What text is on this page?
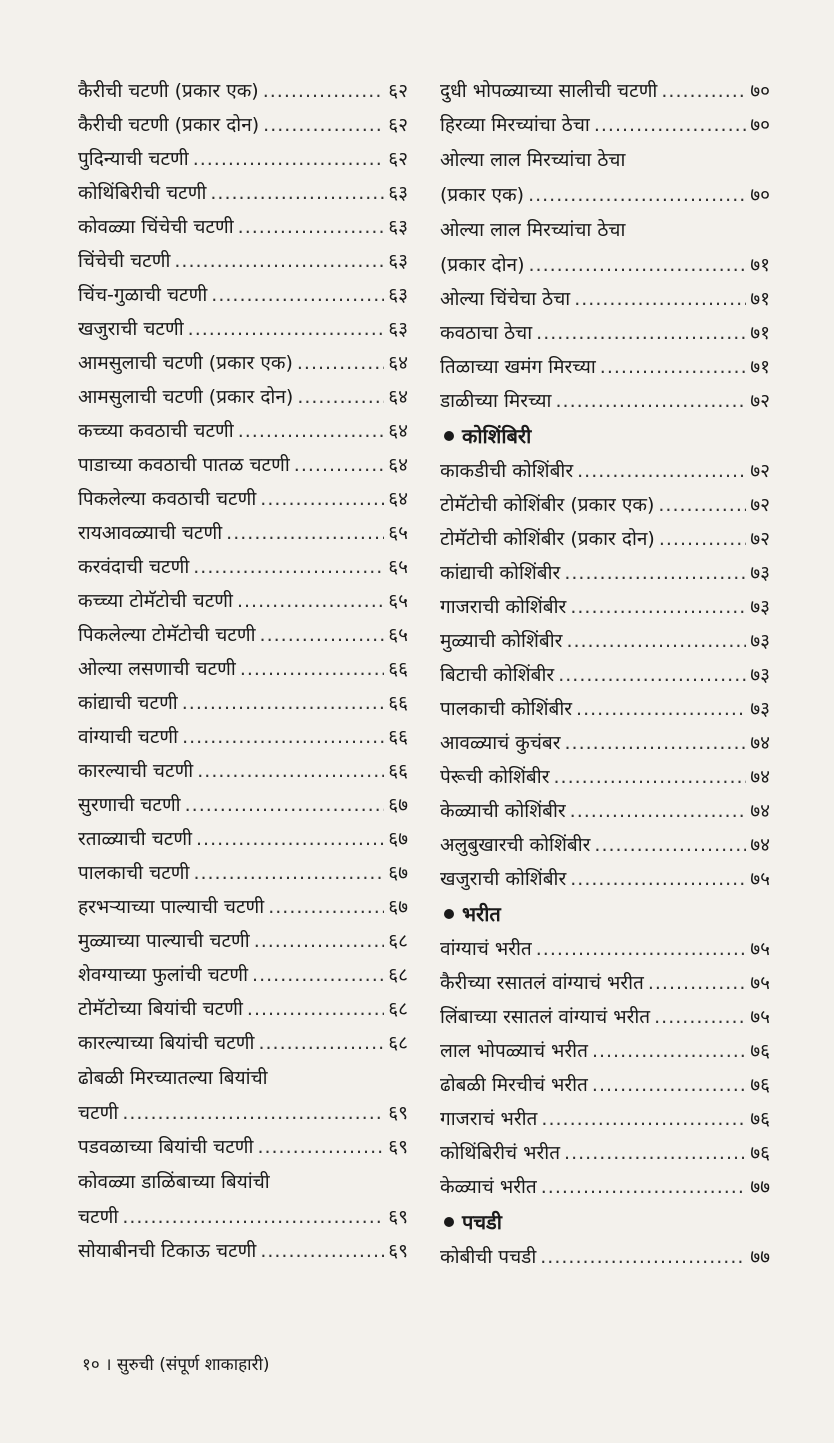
कैरीची चटणी (प्रकार एक) .....	६२
कैरीची चटणी (प्रकार दोन) .....	६२
पुदिन्याची चटणी .....	६२
कोथिंबिरीची चटणी .....	६३
कोवळ्या चिंचेची चटणी .....	६३
चिंचेची चटणी .....	६३
चिंच-गुळाची चटणी .....	६३
खजुराची चटणी .....	६३
आमसुलाची चटणी (प्रकार एक) .....	६४
आमसुलाची चटणी (प्रकार दोन) .....	६४
कच्च्या कवठाची चटणी .....	६४
पाडाच्या कवठाची पातळ चटणी .....	६४
पिकलेल्या कवठाची चटणी .....	६४
रायआवळ्याची चटणी .....	६५
करवंदाची चटणी .....	६५
कच्च्या टोमॅटोची चटणी .....	६५
पिकलेल्या टोमॅटोची चटणी .....	६५
ओल्या लसणाची चटणी .....	६६
कांद्याची चटणी .....	६६
वांग्याची चटणी .....	६६
कारल्याची चटणी .....	६६
सुरणाची चटणी .....	६७
रताळ्याची चटणी .....	६७
पालकाची चटणी .....	६७
हरभऱ्याच्या पाल्याची चटणी .....	६७
मुळ्याच्या पाल्याची चटणी .....	६८
शेवग्याच्या फुलांची चटणी .....	६८
टोमॅटोच्या बियांची चटणी .....	६८
कारल्याच्या बियांची चटणी .....	६८
ढोबळी मिरच्यातल्या बियांची
चटणी .....	६९
पडवळाच्या बियांची चटणी .....	६९
कोवळ्या डाळिंबाच्या बियांची
चटणी .....	६९
सोयाबीनची टिकाऊ चटणी .....	६९
दुधी भोपळ्याच्या सालीची चटणी .....	७०
हिरव्या मिरच्यांचा ठेचा .....	७०
ओल्या लाल मिरच्यांचा ठेचा
(प्रकार एक) .....	७०
ओल्या लाल मिरच्यांचा ठेचा
(प्रकार दोन) .....	७१
ओल्या चिंचेचा ठेचा .....	७१
कवठाचा ठेचा .....	७१
तिळाच्या खमंग मिरच्या .....	७१
डाळीच्या मिरच्या .....	७२
कोशिंबिरी
काकडीची कोशिंबीर .....	७२
टोमॅटोची कोशिंबीर (प्रकार एक) .....	७२
टोमॅटोची कोशिंबीर (प्रकार दोन) .....	७२
कांद्याची कोशिंबीर .....	७३
गाजराची कोशिंबीर .....	७३
मुळ्याची कोशिंबीर .....	७३
बिटाची कोशिंबीर .....	७३
पालकाची कोशिंबीर .....	७३
आवळ्याचं कुचंबर .....	७४
पेरूची कोशिंबीर .....	७४
केळ्याची कोशिंबीर .....	७४
अलुबुखारची कोशिंबीर .....	७४
खजुराची कोशिंबीर .....	७५
भरीत
वांग्याचं भरीत .....	७५
कैरीच्या रसातलं वांग्याचं भरीत .....	७५
लिंबाच्या रसातलं वांग्याचं भरीत .....	७५
लाल भोपळ्याचं भरीत .....	७६
ढोबळी मिरचीचं भरीत .....	७६
गाजराचं भरीत .....	७६
कोथिंबिरीचं भरीत .....	७६
केळ्याचं भरीत .....	७७
पचडी
कोबीची पचडी .....	७७
१० । सुरुची (संपूर्ण शाकाहारी)
